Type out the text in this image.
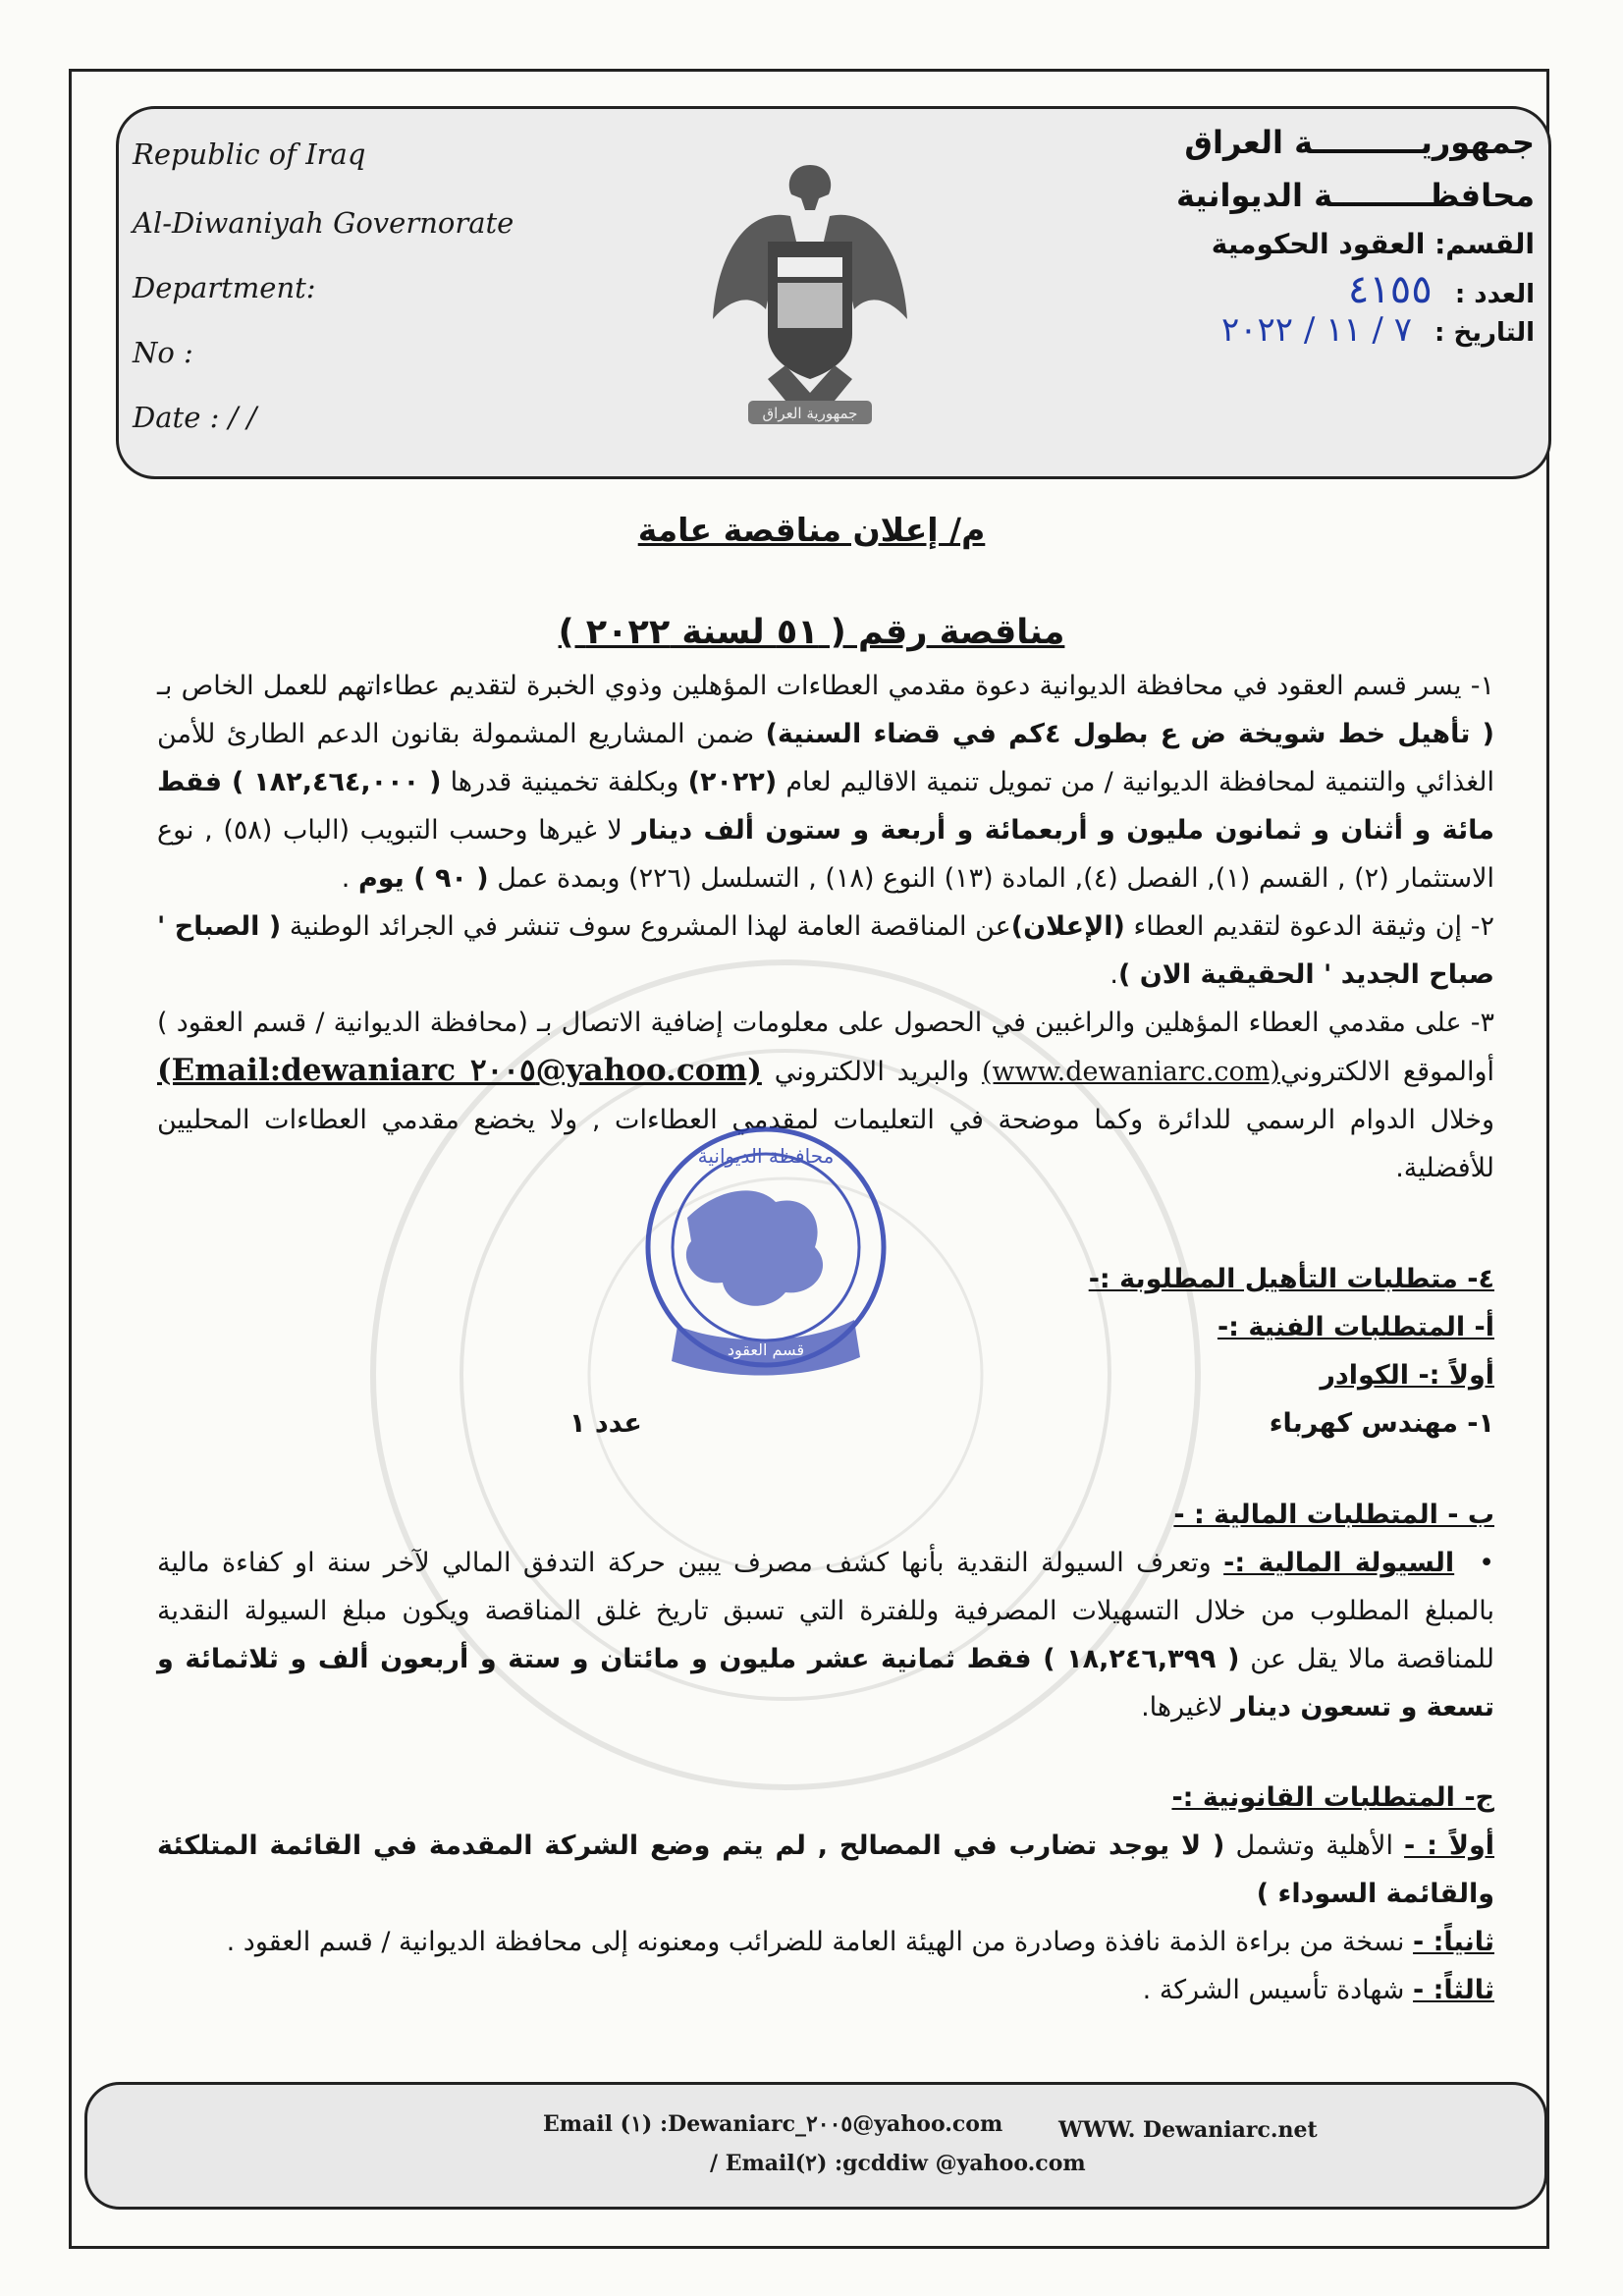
Republic of Iraq
Al-Diwaniyah Governorate
Department:
No :
Date : / /	جمهورية العراق
جمهوريــــــــــة العراق
محافظـــــــــة الديوانية
القسم: العقود الحكومية
العدد : ٤١٥٥
التاريخ : ٧ / ١١ / ٢٠٢٢
م/ إعلان مناقصة عامة
مناقصة رقم ( ٥١ لسنة ٢٠٢٢ )

١- يسر قسم العقود في محافظة الديوانية دعوة مقدمي العطاءات المؤهلين وذوي الخبرة لتقديم عطاءاتهم للعمل الخاص بـ ( تأهيل خط شويخة ض ع بطول ٤كم في قضاء السنية) ضمن المشاريع المشمولة بقانون الدعم الطارئ للأمن الغذائي والتنمية لمحافظة الديوانية / من تمويل تنمية الاقاليم لعام (٢٠٢٢) وبكلفة تخمينية قدرها ( ١٨٢,٤٦٤,٠٠٠ ) فقط مائة و أثنان و ثمانون مليون و أربعمائة و أربعة و ستون ألف دينار لا غيرها وحسب التبويب (الباب (٥٨) , نوع الاستثمار (٢) , القسم (١), الفصل (٤), المادة (١٣) النوع (١٨) , التسلسل (٢٢٦) وبمدة عمل ( ٩٠ ) يوم .

٢- إن وثيقة الدعوة لتقديم العطاء (الإعلان)عن المناقصة العامة لهذا المشروع سوف تنشر في الجرائد الوطنية ( الصباح ' صباح الجديد ' الحقيقية الان ).

٣- على مقدمي العطاء المؤهلين والراغبين في الحصول على معلومات إضافية الاتصال بـ (محافظة الديوانية / قسم العقود ) أوالموقع الالكتروني(www.dewaniarc.com) والبريد الالكتروني (Email:dewaniarc ٢٠٠٥@yahoo.com) وخلال الدوام الرسمي للدائرة وكما موضحة في التعليمات لمقدمي العطاءات , ولا يخضع مقدمي العطاءات المحليين للأفضلية.

٤- متطلبات التأهيل المطلوبة :-

أ- المتطلبات الفنية :-

أولاً :- الكوادر

١- مهندس كهرباء
عدد ١

ب - المتطلبات المالية : -

•  السيولة المالية :- وتعرف السيولة النقدية بأنها كشف مصرف يبين حركة التدفق المالي لآخر سنة او كفاءة مالية بالمبلغ المطلوب من خلال التسهيلات المصرفية وللفترة التي تسبق تاريخ غلق المناقصة ويكون مبلغ السيولة النقدية للمناقصة مالا يقل عن ( ١٨,٢٤٦,٣٩٩ ) فقط ثمانية عشر مليون و مائتان و ستة و أربعون ألف و ثلاثمائة و تسعة و تسعون دينار لاغيرها.

ج- المتطلبات القانونية :-

أولاً : - الأهلية وتشمل ( لا يوجد تضارب في المصالح , لم يتم وضع الشركة المقدمة في القائمة المتلكئة والقائمة السوداء )

ثانياً: - نسخة من براءة الذمة نافذة وصادرة من الهيئة العامة للضرائب ومعنونه إلى محافظة الديوانية / قسم العقود .

ثالثاً: - شهادة تأسيس الشركة .

محافظة الديوانية
قسم العقود
Email (١) :Dewaniarc_٢٠٠٥@yahoo.com	WWW. Dewaniarc.net
/ Email(٢) :gcddiw @yahoo.com
